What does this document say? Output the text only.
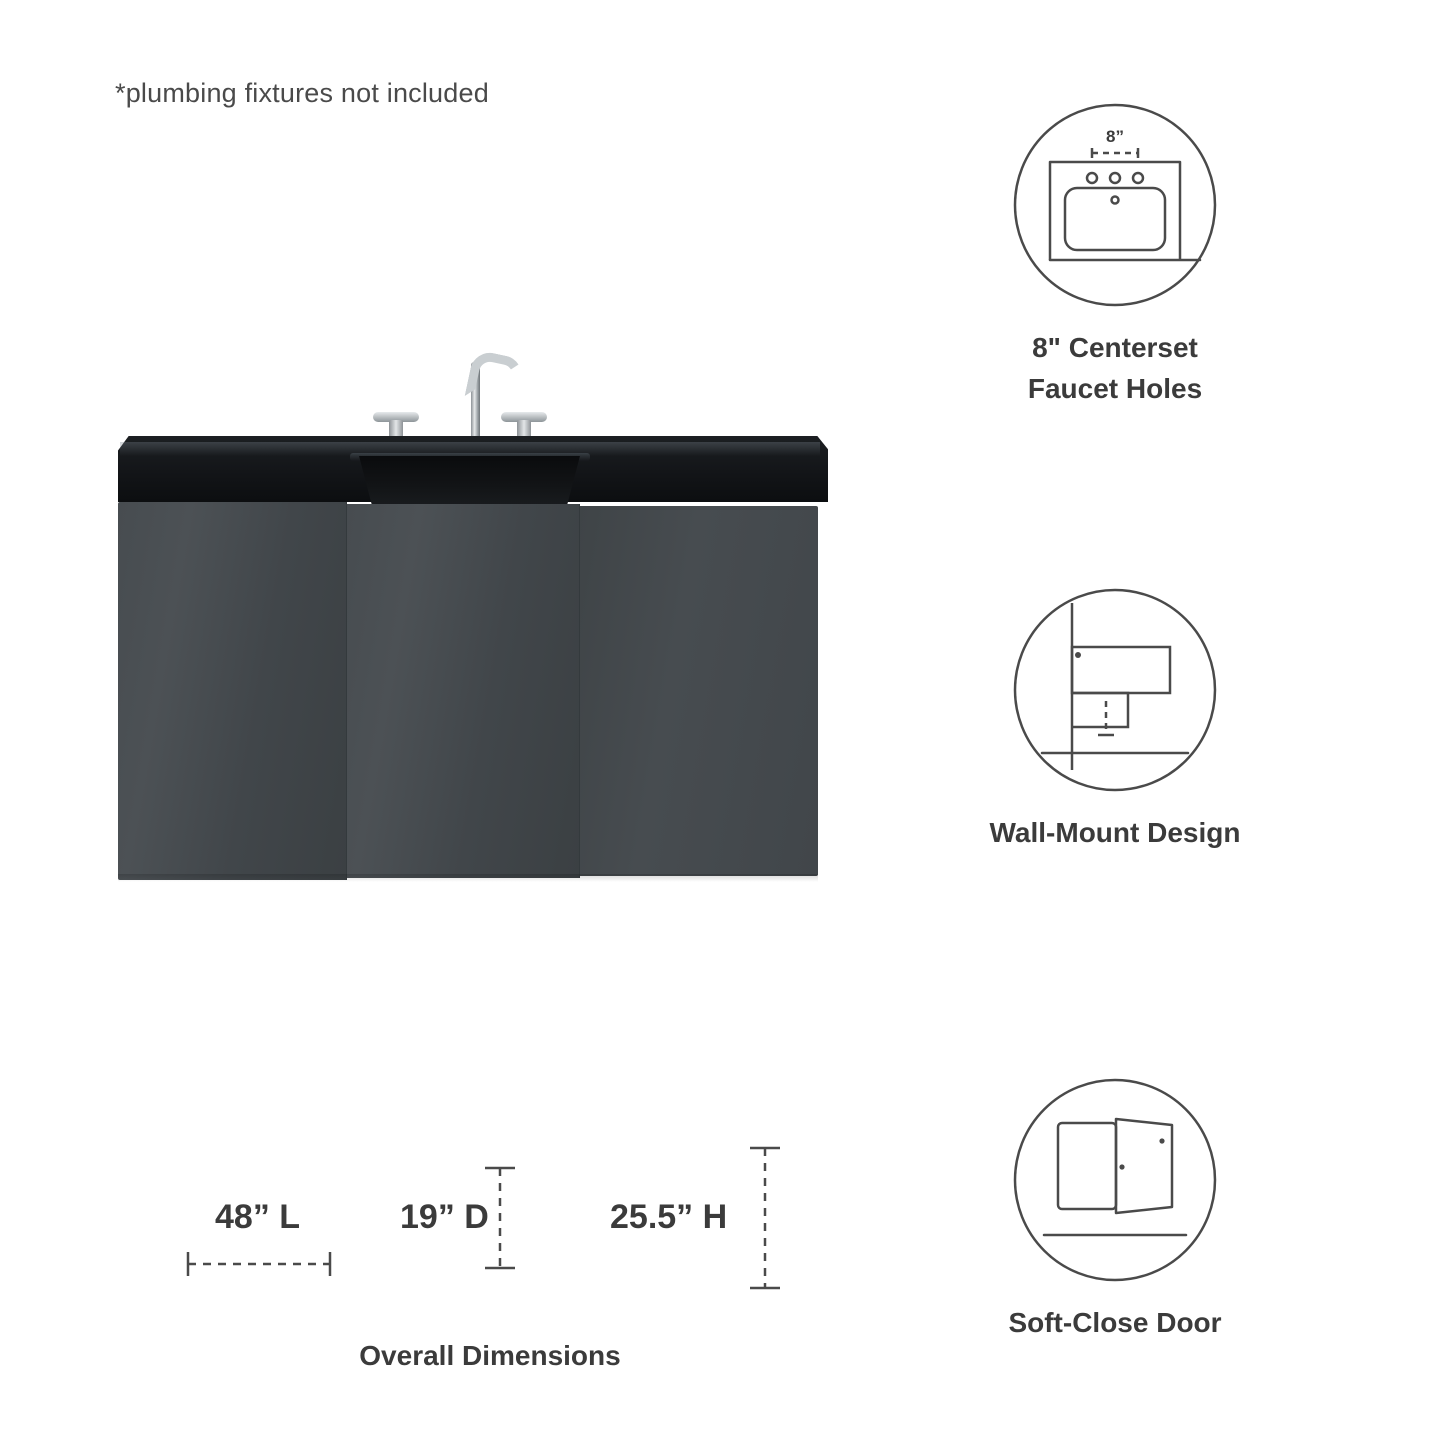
*plumbing fixtures not included
8”
8" Centerset
Faucet Holes
Wall-Mount Design
Soft-Close Door
48” L	19” D	25.5” H
Overall Dimensions
